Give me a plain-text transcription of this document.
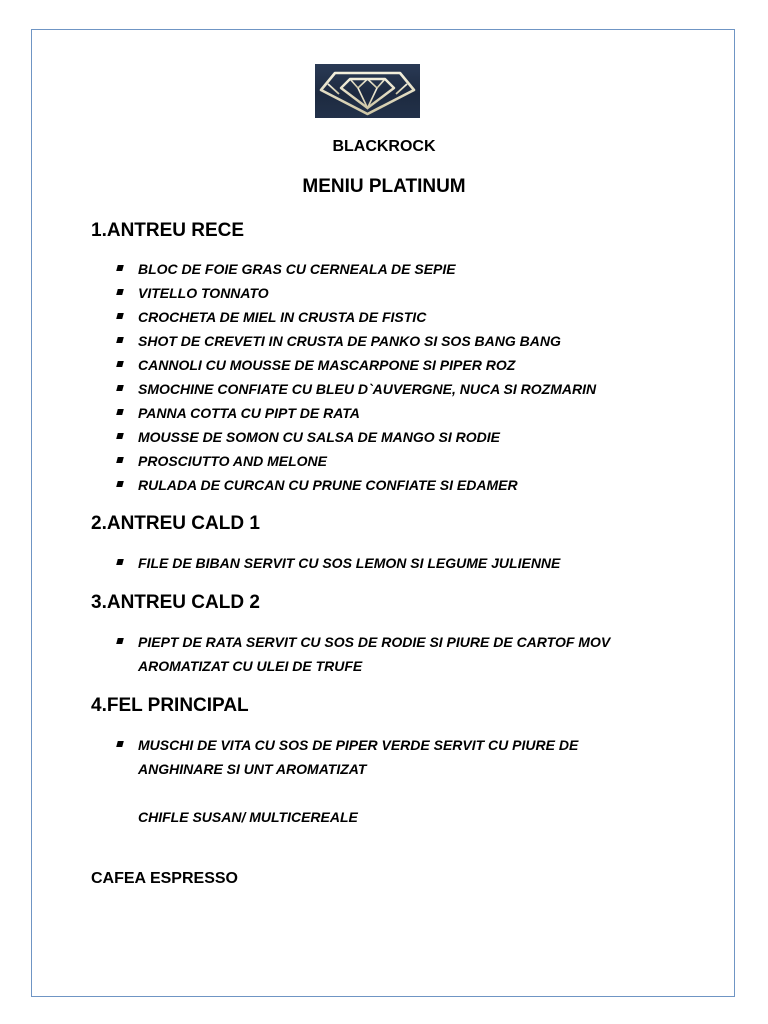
BLACKROCK
MENIU PLATINUM
1.ANTREU RECE
BLOC DE FOIE GRAS CU CERNEALA DE SEPIE
VITELLO TONNATO
CROCHETA DE MIEL IN CRUSTA DE FISTIC
SHOT DE CREVETI IN CRUSTA DE PANKO SI SOS BANG BANG
CANNOLI CU MOUSSE DE MASCARPONE SI PIPER ROZ
SMOCHINE CONFIATE CU BLEU D`AUVERGNE, NUCA SI ROZMARIN
PANNA COTTA CU PIPT DE RATA
MOUSSE DE SOMON CU SALSA DE MANGO SI RODIE
PROSCIUTTO AND MELONE
RULADA DE CURCAN CU PRUNE CONFIATE SI EDAMER
2.ANTREU CALD 1
FILE DE BIBAN SERVIT CU SOS LEMON SI LEGUME JULIENNE
3.ANTREU CALD 2
PIEPT DE RATA SERVIT CU SOS DE RODIE SI PIURE DE CARTOF MOV
AROMATIZAT CU ULEI DE TRUFE
4.FEL PRINCIPAL
MUSCHI DE VITA CU SOS DE PIPER VERDE SERVIT CU PIURE DE
ANGHINARE SI UNT AROMATIZAT
CHIFLE SUSAN/ MULTICEREALE
CAFEA ESPRESSO
